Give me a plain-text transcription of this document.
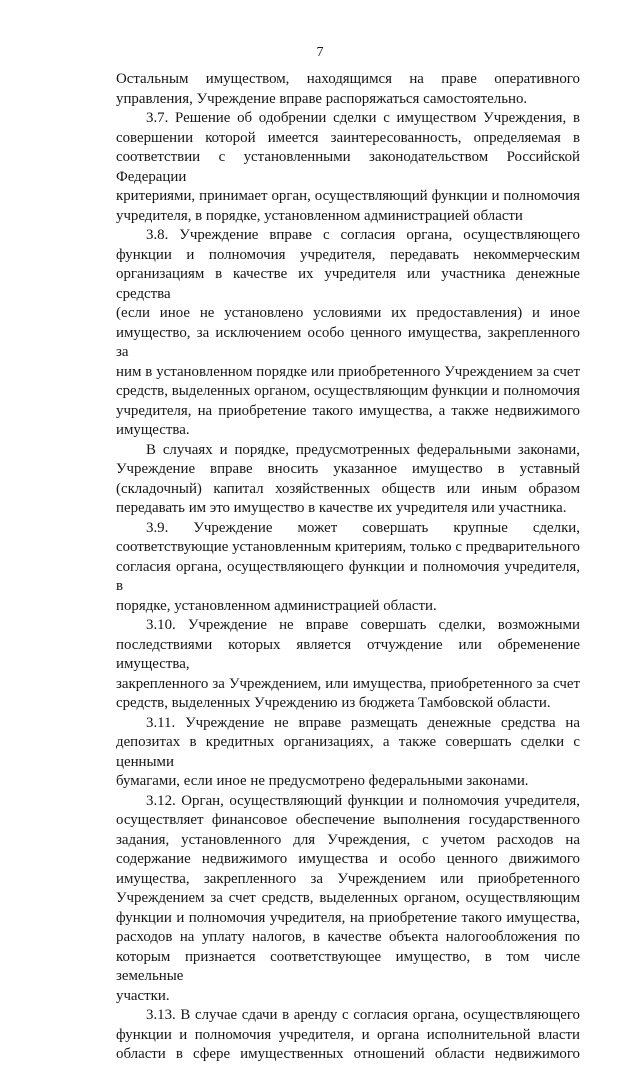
7

Остальным имуществом, находящимся на праве оперативного

управления, Учреждение вправе распоряжаться самостоятельно.

3.7. Решение об одобрении сделки с имуществом Учреждения, в

совершении которой имеется заинтересованность, определяемая в

соответствии с установленными законодательством Российской Федерации

критериями, принимает орган, осуществляющий функции и полномочия

учредителя, в порядке, установленном администрацией области

3.8. Учреждение вправе с согласия органа, осуществляющего

функции и полномочия учредителя, передавать некоммерческим

организациям в качестве их учредителя или участника денежные средства

(если иное не установлено условиями их предоставления) и иное

имущество, за исключением особо ценного имущества, закрепленного за

ним в установленном порядке или приобретенного Учреждением за счет

средств, выделенных органом, осуществляющим функции и полномочия

учредителя, на приобретение такого имущества, а также недвижимого

имущества.

В случаях и порядке, предусмотренных федеральными законами,

Учреждение вправе вносить указанное имущество в уставный

(складочный) капитал хозяйственных обществ или иным образом

передавать им это имущество в качестве их учредителя или участника.

3.9. Учреждение может совершать крупные сделки,

соответствующие установленным критериям, только с предварительного

согласия органа, осуществляющего функции и полномочия учредителя, в

порядке, установленном администрацией области.

3.10. Учреждение не вправе совершать сделки, возможными

последствиями которых является отчуждение или обременение имущества,

закрепленного за Учреждением, или имущества, приобретенного за счет

средств, выделенных Учреждению из бюджета Тамбовской области.

3.11. Учреждение не вправе размещать денежные средства на

депозитах в кредитных организациях, а также совершать сделки с ценными

бумагами, если иное не предусмотрено федеральными законами.

3.12. Орган, осуществляющий функции и полномочия учредителя,

осуществляет финансовое обеспечение выполнения государственного

задания, установленного для Учреждения, с учетом расходов на

содержание недвижимого имущества и особо ценного движимого

имущества, закрепленного за Учреждением или приобретенного

Учреждением за счет средств, выделенных органом, осуществляющим

функции и полномочия учредителя, на приобретение такого имущества,

расходов на уплату налогов, в качестве объекта налогообложения по

которым признается соответствующее имущество, в том числе земельные

участки.

3.13. В случае сдачи в аренду с согласия органа, осуществляющего

функции и полномочия учредителя, и органа исполнительной власти

области в сфере имущественных отношений области недвижимого
